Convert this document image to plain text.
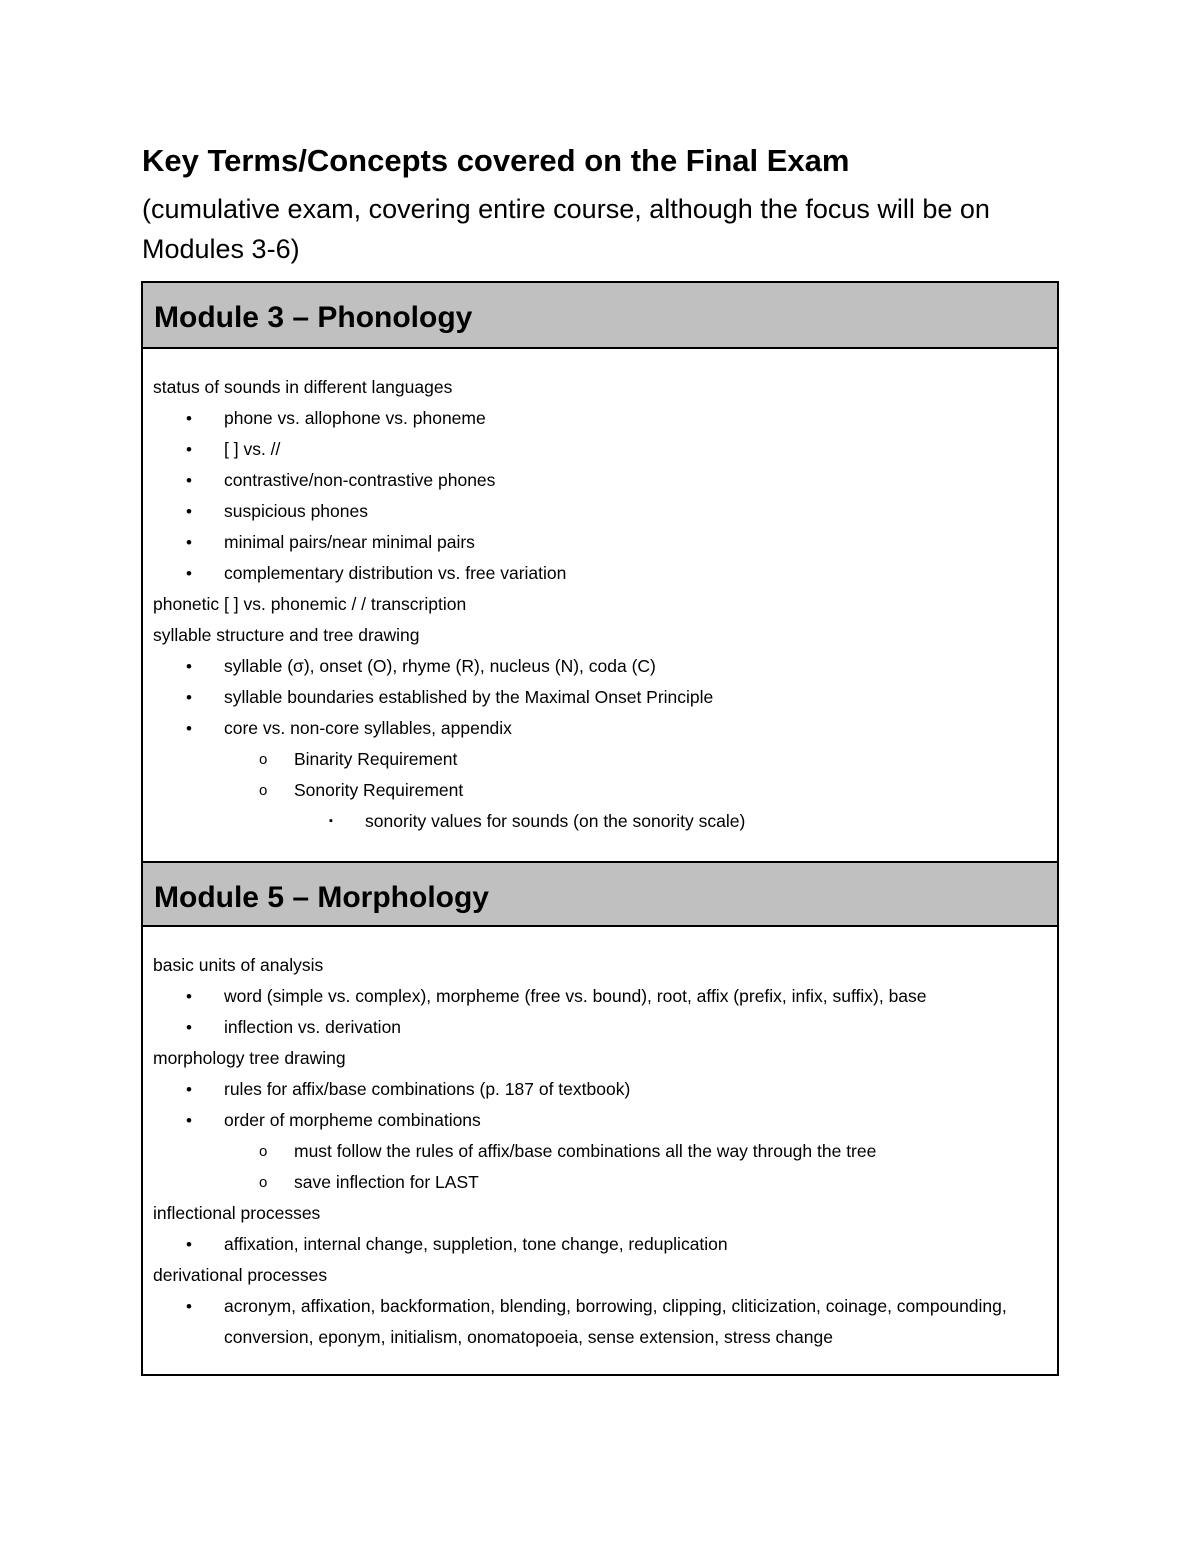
Key Terms/Concepts covered on the Final Exam

(cumulative exam, covering entire course, although the focus will be on Modules 3-6)

Module 3 – Phonology
status of sounds in different languages
• phone vs. allophone vs. phoneme
• [ ] vs. //
• contrastive/non-contrastive phones
• suspicious phones
• minimal pairs/near minimal pairs
• complementary distribution vs. free variation
phonetic [ ] vs. phonemic / / transcription
syllable structure and tree drawing
• syllable (σ), onset (O), rhyme (R), nucleus (N), coda (C)
• syllable boundaries established by the Maximal Onset Principle
• core vs. non-core syllables, appendix
o Binarity Requirement
o Sonority Requirement
▪ sonority values for sounds (on the sonority scale)
Module 5 – Morphology
basic units of analysis
• word (simple vs. complex), morpheme (free vs. bound), root, affix (prefix, infix, suffix), base
• inflection vs. derivation
morphology tree drawing
• rules for affix/base combinations (p. 187 of textbook)
• order of morpheme combinations
o must follow the rules of affix/base combinations all the way through the tree
o save inflection for LAST
inflectional processes
• affixation, internal change, suppletion, tone change, reduplication
derivational processes
• acronym, affixation, backformation, blending, borrowing, clipping, cliticization, coinage, compounding, conversion, eponym, initialism, onomatopoeia, sense extension, stress change
